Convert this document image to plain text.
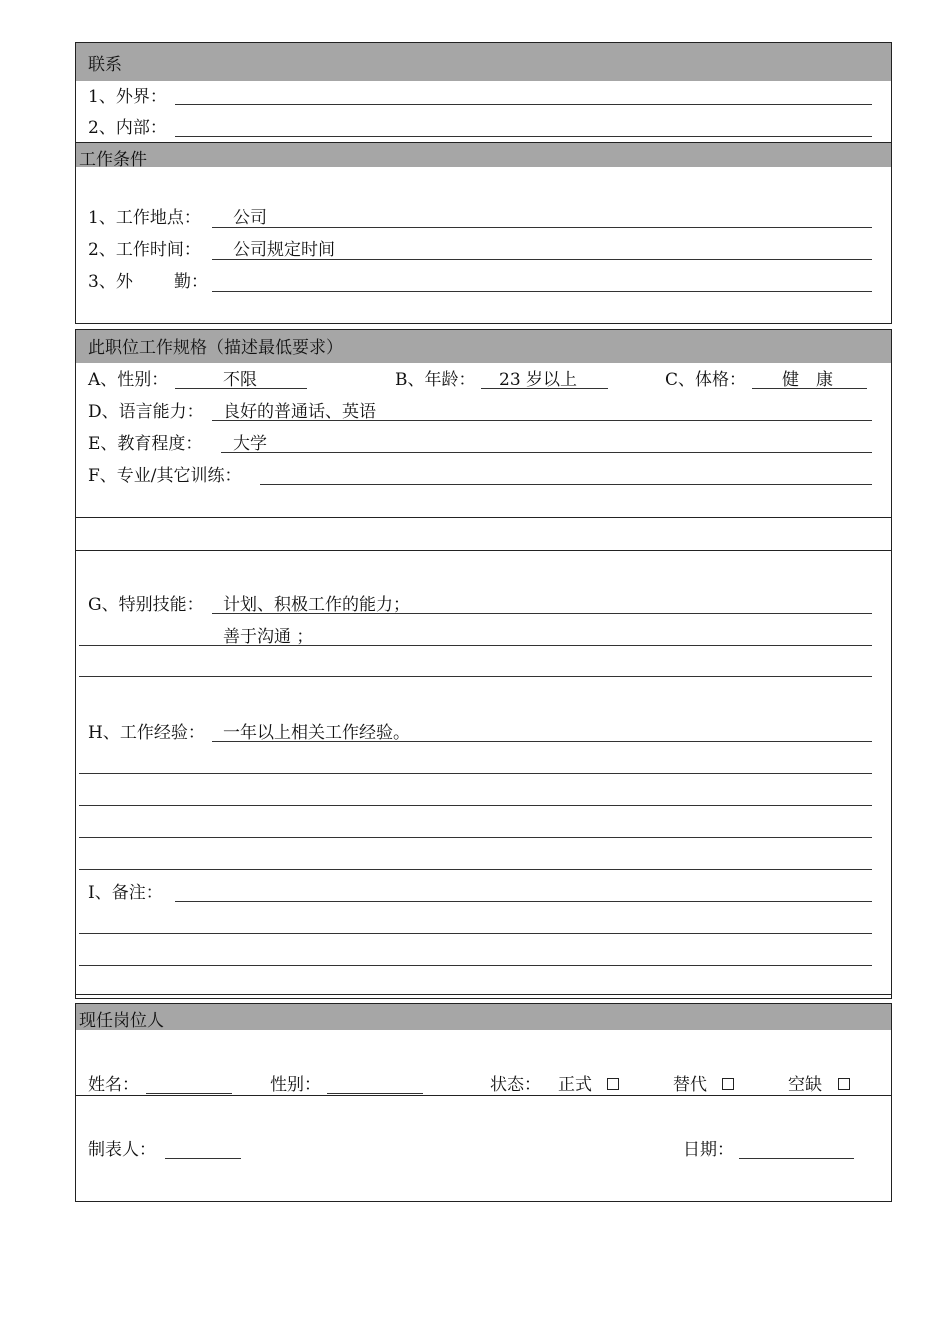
联系
1、外界：
2、内部：
工作条件
1、工作地点： 公司
2、工作时间： 公司规定时间
3、外 勤：
此职位工作规格（描述最低要求）
A、性别：	不限	B、年龄： 23 岁以上	C、体格： 健　康
D、语言能力： 良好的普通话、英语
E、教育程度： 大学
F、专业/其它训练：
G、特别技能： 计划、积极工作的能力；
善于沟通 ；
H、工作经验： 一年以上相关工作经验。
I、备注：
现任岗位人
姓名：	性别：	状态： 正式	替代	空缺
制表人：	日期：
